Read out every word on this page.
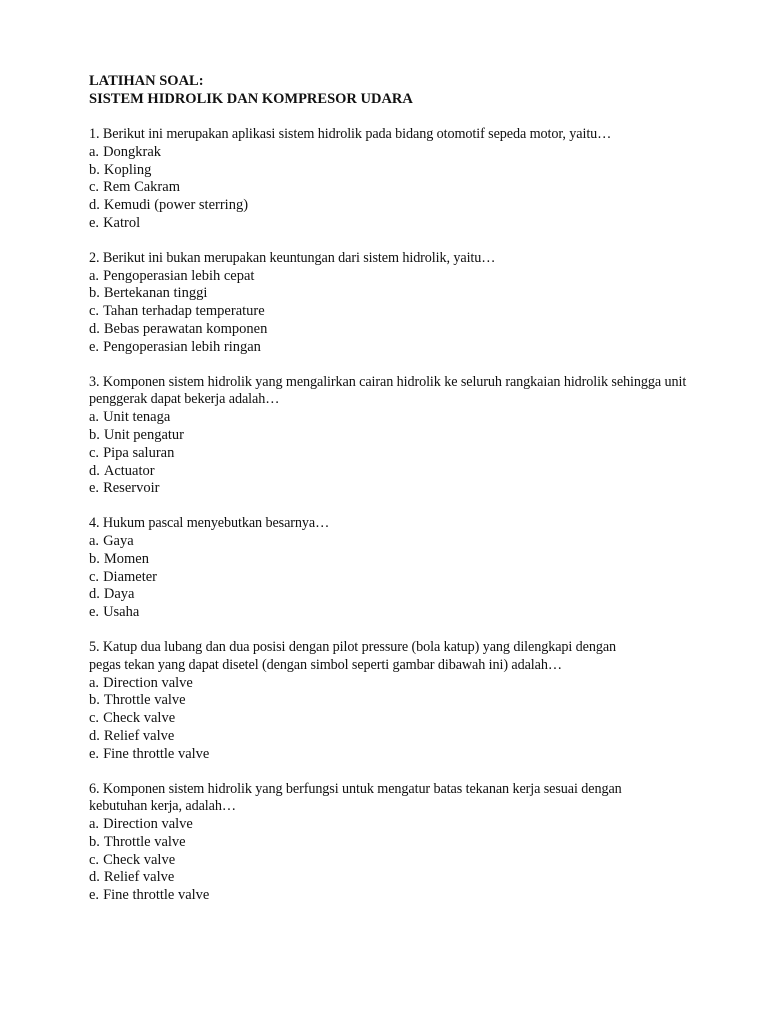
LATIHAN SOAL:

SISTEM HIDROLIK DAN KOMPRESOR UDARA

1. Berikut ini merupakan aplikasi sistem hidrolik pada bidang otomotif sepeda motor, yaitu…

a. Dongkrak
b. Kopling
c. Rem Cakram
d. Kemudi (power sterring)
e. Katrol

2. Berikut ini bukan merupakan keuntungan dari sistem hidrolik, yaitu…

a. Pengoperasian lebih cepat
b. Bertekanan tinggi
c. Tahan terhadap temperature
d. Bebas perawatan komponen
e. Pengoperasian lebih ringan

3. Komponen sistem hidrolik yang mengalirkan cairan hidrolik ke seluruh rangkaian hidrolik sehingga unit penggerak dapat bekerja adalah…

a. Unit tenaga
b. Unit pengatur
c. Pipa saluran
d. Actuator
e. Reservoir

4. Hukum pascal menyebutkan besarnya…

a. Gaya
b. Momen
c. Diameter
d. Daya
e. Usaha

5. Katup dua lubang dan dua posisi dengan pilot pressure (bola katup) yang dilengkapi dengan pegas tekan yang dapat disetel (dengan simbol seperti gambar dibawah ini) adalah…

a. Direction valve
b. Throttle valve
c. Check valve
d. Relief valve
e. Fine throttle valve

6. Komponen sistem hidrolik yang berfungsi untuk mengatur batas tekanan kerja sesuai dengan kebutuhan kerja, adalah…

a. Direction valve
b. Throttle valve
c. Check valve
d. Relief valve
e. Fine throttle valve
